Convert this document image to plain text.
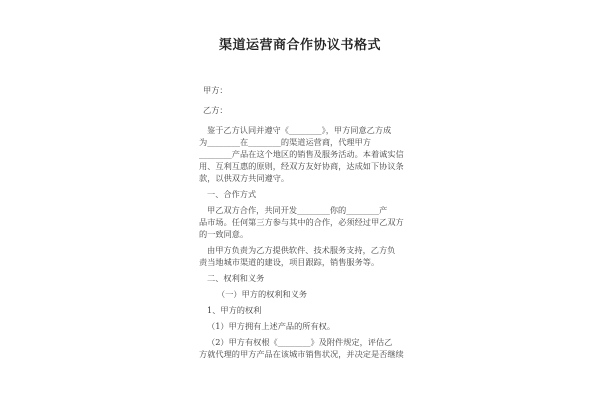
渠道运营商合作协议书格式
甲方：
乙方：
鉴于乙方认同并遵守《________》，甲方同意乙方成
为________在________的渠道运营商，代理甲方
________产品在这个地区的销售及服务活动。本着诚实信
用、互利互惠的原则，经双方友好协商，达成如下协议条
款，以供双方共同遵守。
一、合作方式
甲乙双方合作，共同开发________你的________产
品市场。任何第三方参与其中的合作，必须经过甲乙双方
的一致同意。
由甲方负责为乙方提供软件、技术服务支持，乙方负
责当地城市渠道的建设，项目跟踪，销售服务等。
二、权利和义务
（一）甲方的权利和义务
1、甲方的权利
（1）甲方拥有上述产品的所有权。
（2）甲方有权根《________》及附件规定，评估乙
方就代理的甲方产品在该城市销售状况，并决定是否继续
